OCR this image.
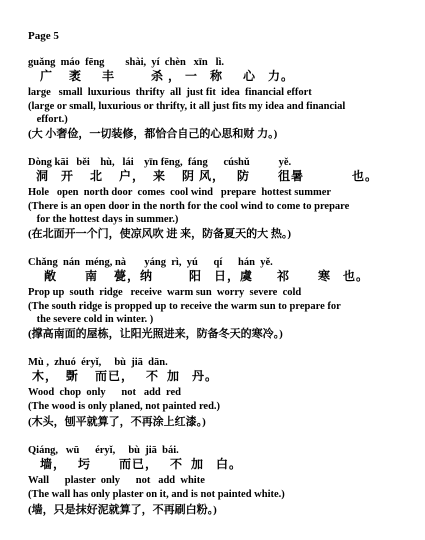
Page 5
guǎng  máo  fēng        shài,  yí  chèn   xīn   lì.
广    袤     丰         杀 ， 一   称     心   力。
large   small  luxurious  thrifty  all  just fit  idea  financial effort
(large or small, luxurious or thrifty, it all just fits my idea and financial
effort.)
(大 小奢俭，一切装修，都恰合自己的心思和财 力。)
Dòng kāi   běi    hù,   lái    yīn fēng,  fáng      cúshǔ           yě.
洞   开    北    户，  来    阴 风，   防       徂暑            也。
Hole   open  north door  comes  cool wind   prepare  hottest summer
(There is an open door in the north for the cool wind to come to prepare
for the hottest days in summer.)
(在北面开一个门，使凉风吹 进 来，防备夏天的大 热。)
Chǎng  nán  méng, nà       yáng  rì,  yú      qí      hán  yě.
敞       南    甍，纳         阳   日，虞      祁       寒   也。
Prop up  south  ridge   receive  warm sun  worry  severe  cold
(The south ridge is propped up to receive the warm sun to prepare for
the severe cold in winter. )
(撑高南面的屋栋，让阳光照进来，防备冬天的寒冷。)
Mù ,  zhuó  éryǐ,     bù  jiā  dān.
木，  斲    而已，   不  加   丹。
Wood  chop  only      not   add  red
(The wood is only planed, not painted red.)
(木头，刨平就算了，不再涂上红漆。)
Qiáng,   wū      éryǐ,     bù  jiā  bái.
墙，   圬       而已，   不  加   白。
Wall      plaster  only      not   add  white
(The wall has only plaster on it, and is not painted white.)
(墙，只是抹好泥就算了，不再刷白粉。)
